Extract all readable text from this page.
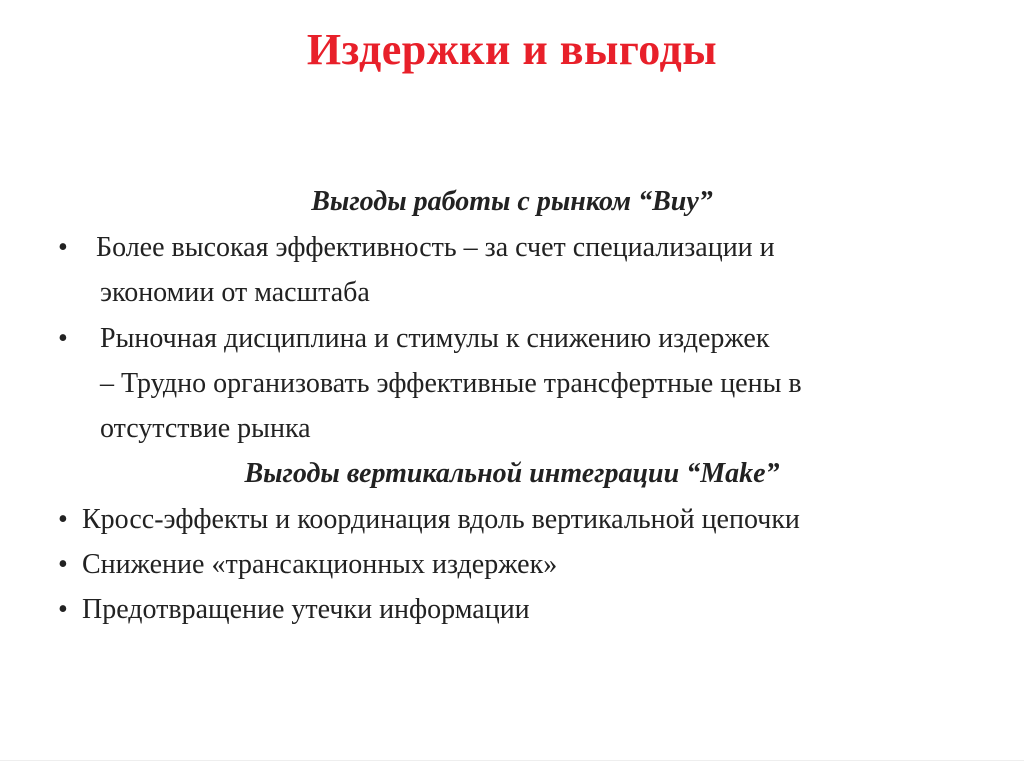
Издержки и выгоды
Выгоды работы с рынком “Buy”
• Более высокая эффективность – за счет специализации и
экономии от масштаба
• Рыночная дисциплина и стимулы к снижению издержек
– Трудно организовать эффективные трансфертные цены в
отсутствие рынка
Выгоды вертикальной интеграции “Make”
• Кросс-эффекты и координация вдоль вертикальной цепочки
• Снижение «трансакционных издержек»
• Предотвращение утечки информации
